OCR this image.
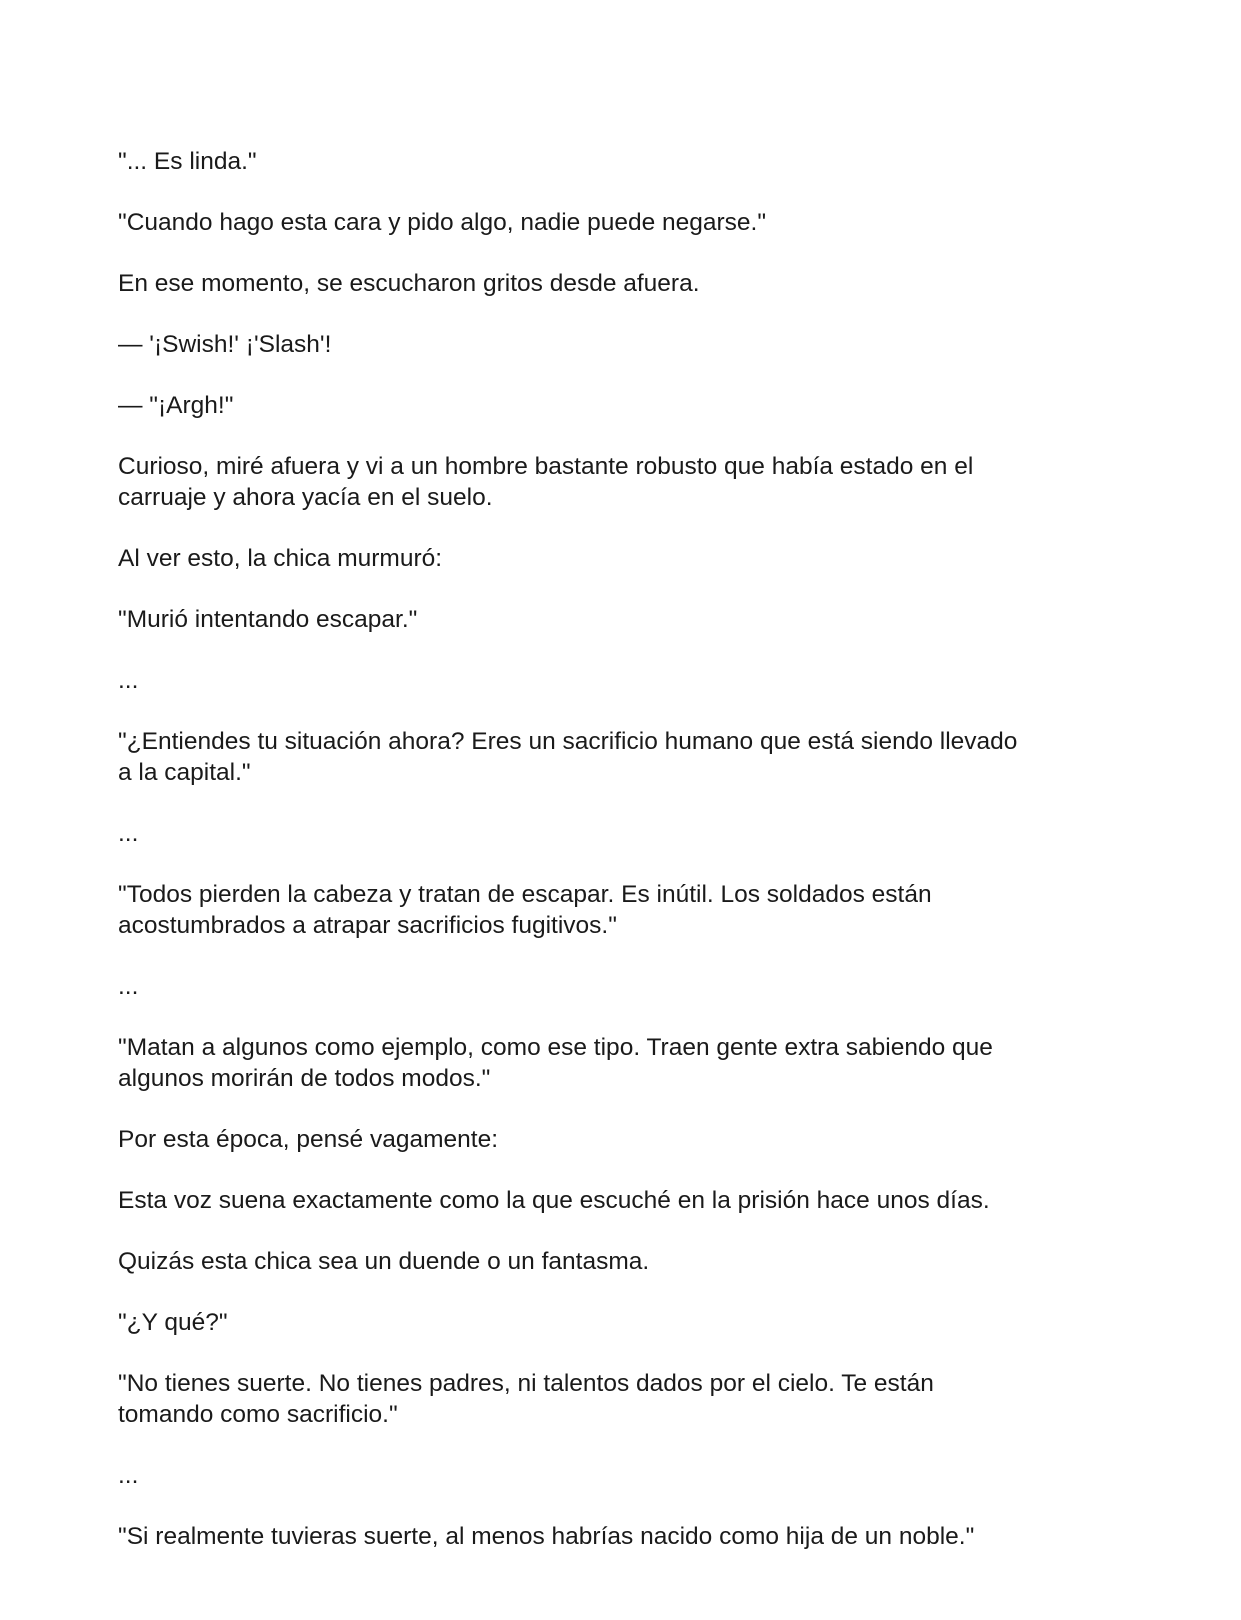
"... Es linda."

"Cuando hago esta cara y pido algo, nadie puede negarse."

En ese momento, se escucharon gritos desde afuera.

— '¡Swish!' ¡'Slash'!

— "¡Argh!"

Curioso, miré afuera y vi a un hombre bastante robusto que había estado en el
carruaje y ahora yacía en el suelo.

Al ver esto, la chica murmuró:

"Murió intentando escapar."

...

"¿Entiendes tu situación ahora? Eres un sacrificio humano que está siendo llevado
a la capital."

...

"Todos pierden la cabeza y tratan de escapar. Es inútil. Los soldados están
acostumbrados a atrapar sacrificios fugitivos."

...

"Matan a algunos como ejemplo, como ese tipo. Traen gente extra sabiendo que
algunos morirán de todos modos."

Por esta época, pensé vagamente:

Esta voz suena exactamente como la que escuché en la prisión hace unos días.

Quizás esta chica sea un duende o un fantasma.

"¿Y qué?"

"No tienes suerte. No tienes padres, ni talentos dados por el cielo. Te están
tomando como sacrificio."

...

"Si realmente tuvieras suerte, al menos habrías nacido como hija de un noble."
